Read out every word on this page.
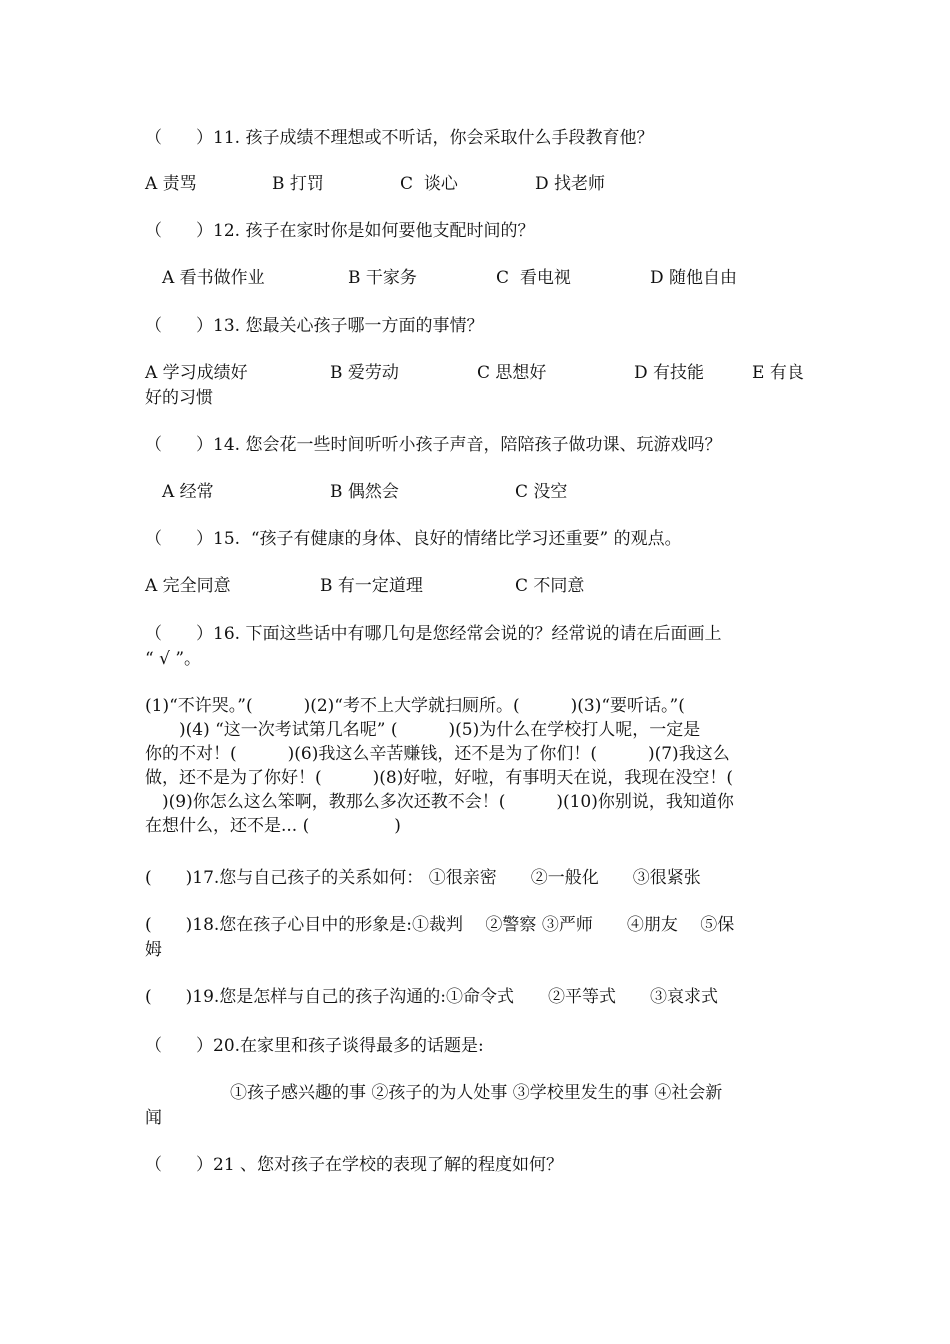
（　　）11. 孩子成绩不理想或不听话，你会采取什么手段教育他？
A 责骂	B 打罚	C  谈心	D 找老师
（　　）12. 孩子在家时你是如何要他支配时间的？
A 看书做作业	B 干家务	C  看电视	D 随他自由
（　　）13. 您最关心孩子哪一方面的事情？
A 学习成绩好	B 爱劳动	C 思想好	D 有技能	E 有良
好的习惯
（　　）14. 您会花一些时间听听小孩子声音，陪陪孩子做功课、玩游戏吗？
A 经常	B 偶然会	C 没空
（　　）15.  “孩子有健康的身体、良好的情绪比学习还重要” 的观点。
A 完全同意	B 有一定道理	C 不同意
（　　）16. 下面这些话中有哪几句是您经常会说的？经常说的请在后面画上
“ √ ”。

(1)“不许哭。”(　　　)(2)“考不上大学就扫厕所。(　　　)(3)“要听话。”(

　　)(4) “这一次考试第几名呢” (　　　)(5)为什么在学校打人呢，一定是

你的不对！(　　　)(6)我这么辛苦赚钱，还不是为了你们！(　　　)(7)我这么

做，还不是为了你好！(　　　)(8)好啦，好啦，有事明天在说，我现在没空！(

　)(9)你怎么这么笨啊，教那么多次还教不会！(　　　)(10)你别说，我知道你

在想什么，还不是... (　　　　　)

(　　)17.您与自己孩子的关系如何： ①很亲密　　②一般化　　③很紧张
(　　)18.您在孩子心目中的形象是:①裁判　 ②警察 ③严师　　④朋友　 ⑤保
姆
(　　)19.您是怎样与自己的孩子沟通的:①命令式　　②平等式　　③哀求式
（　　）20.在家里和孩子谈得最多的话题是:
①孩子感兴趣的事 ②孩子的为人处事 ③学校里发生的事 ④社会新
闻
（　　）21 、您对孩子在学校的表现了解的程度如何？
